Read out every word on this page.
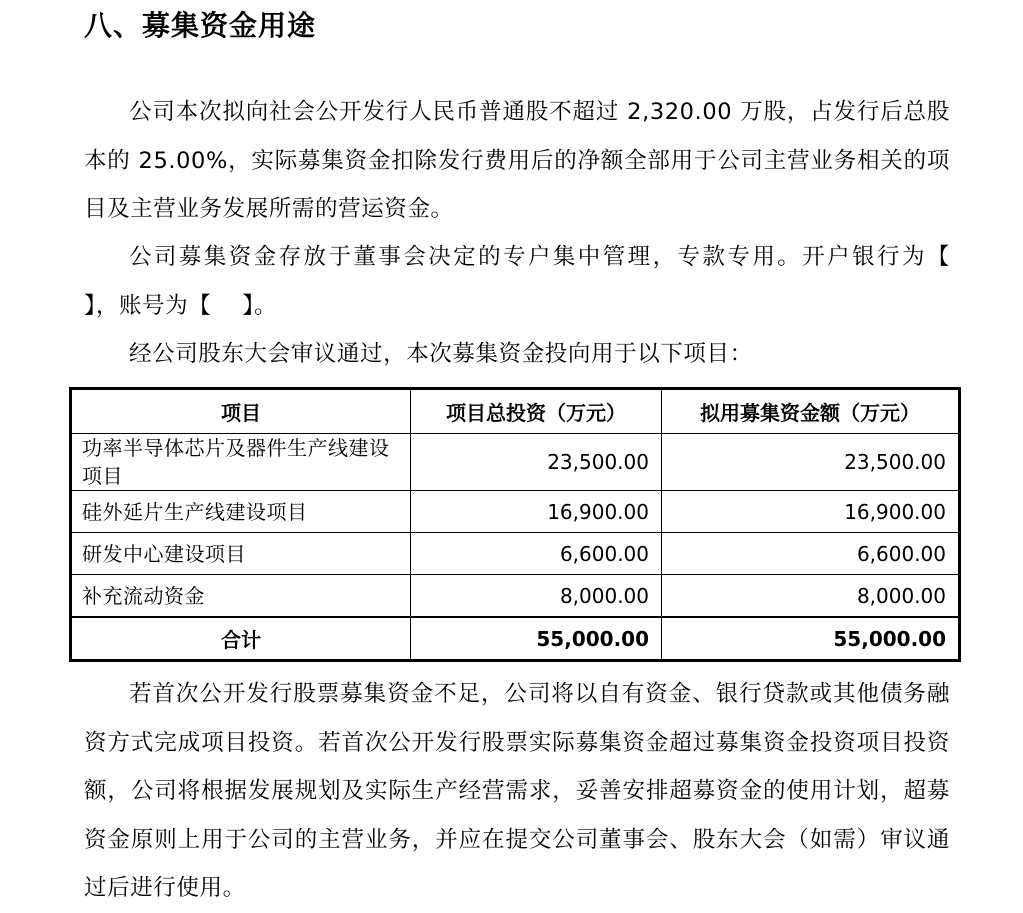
八、募集资金用途

公司本次拟向社会公开发行人民币普通股不超过 2,320.00 万股，占发行后总股本的 25.00%，实际募集资金扣除发行费用后的净额全部用于公司主营业务相关的项目及主营业务发展所需的营运资金。

公司募集资金存放于董事会决定的专户集中管理，专款专用。开户银行为【　 】，账号为【　 】。

经公司股东大会审议通过，本次募集资金投向用于以下项目：

项目	项目总投资（万元）	拟用募集资金额（万元）
功率半导体芯片及器件生产线建设项目	23,500.00	23,500.00
硅外延片生产线建设项目	16,900.00	16,900.00
研发中心建设项目	6,600.00	6,600.00
补充流动资金	8,000.00	8,000.00
合计	55,000.00	55,000.00

若首次公开发行股票募集资金不足，公司将以自有资金、银行贷款或其他债务融资方式完成项目投资。若首次公开发行股票实际募集资金超过募集资金投资项目投资额，公司将根据发展规划及实际生产经营需求，妥善安排超募资金的使用计划，超募资金原则上用于公司的主营业务，并应在提交公司董事会、股东大会（如需）审议通过后进行使用。
